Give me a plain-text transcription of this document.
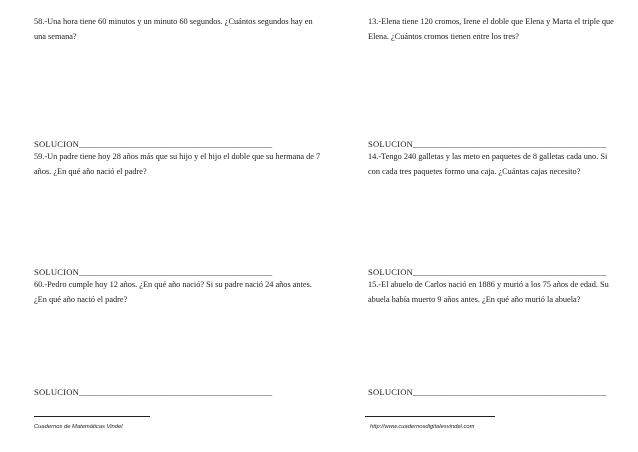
58.-Una hora tiene 60 minutos y un minuto 60 segundos. ¿Cuántos segundos hay en una semana?
SOLUCION___________________________________________
59.-Un padre tiene hoy 28 años más que su hijo y el hijo el doble que su hermana de 7 años. ¿En qué año nació el padre?
SOLUCION___________________________________________
60.-Pedro cumple hoy 12 años. ¿En qué año nació? Si su padre nació 24 años antes. ¿En qué año nació el padre?
SOLUCION___________________________________________
13.-Elena tiene 120 cromos, Irene el doble que Elena y Marta el triple que Elena. ¿Cuántos cromos tienen entre los tres?
SOLUCION___________________________________________
14.-Tengo 240 galletas y las meto en paquetes de 8 galletas cada uno. Si con cada tres paquetes formo una caja. ¿Cuántas cajas necesito?
SOLUCION___________________________________________
15.-El abuelo de Carlos nació en 1886 y murió a los 75 años de edad. Su abuela había muerto 9 años antes. ¿En qué año murió la abuela?
SOLUCION___________________________________________
Cuadernos de Matemáticas Vindel	http://www.cuadernosdigitalesvindel.com
